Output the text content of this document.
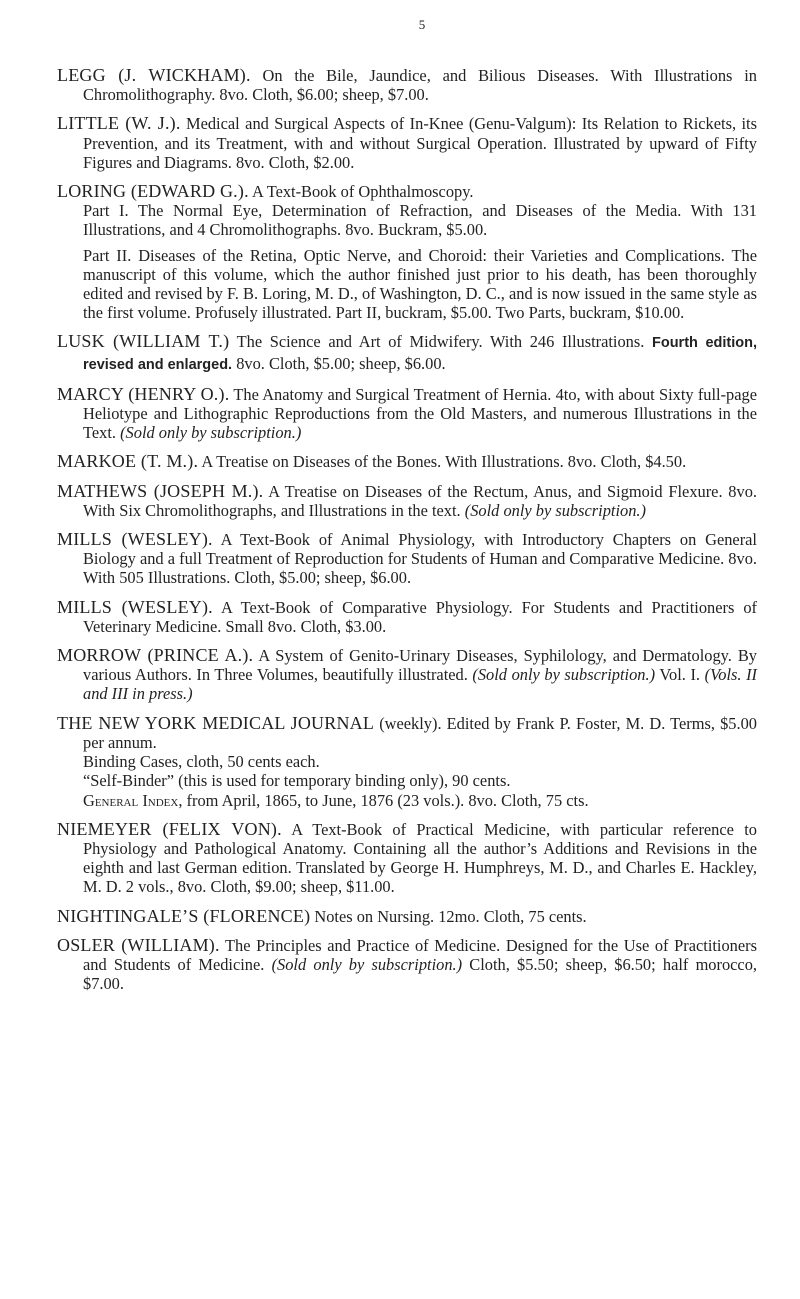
5

LEGG (J. WICKHAM). On the Bile, Jaundice, and Bilious Diseases. With Illustrations in Chromolithography. 8vo. Cloth, $6.00; sheep, $7.00.

LITTLE (W. J.). Medical and Surgical Aspects of In-Knee (Genu-Valgum): Its Relation to Rickets, its Prevention, and its Treatment, with and without Surgical Operation. Illustrated by upward of Fifty Figures and Diagrams. 8vo. Cloth, $2.00.

LORING (EDWARD G.). A Text-Book of Ophthalmoscopy.
Part I. The Normal Eye, Determination of Refraction, and Diseases of the Media. With 131 Illustrations, and 4 Chromolithographs. 8vo. Buckram, $5.00.
Part II. Diseases of the Retina, Optic Nerve, and Choroid: their Varieties and Complications. The manuscript of this volume, which the author finished just prior to his death, has been thoroughly edited and revised by F. B. Loring, M. D., of Washington, D. C., and is now issued in the same style as the first volume. Profusely illustrated. Part II, buckram, $5.00. Two Parts, buckram, $10.00.

LUSK (WILLIAM T.) The Science and Art of Midwifery. With 246 Illustrations. Fourth edition, revised and enlarged. 8vo. Cloth, $5.00; sheep, $6.00.

MARCY (HENRY O.). The Anatomy and Surgical Treatment of Hernia. 4to, with about Sixty full-page Heliotype and Lithographic Reproductions from the Old Masters, and numerous Illustrations in the Text. (Sold only by subscription.)

MARKOE (T. M.). A Treatise on Diseases of the Bones. With Illustrations. 8vo. Cloth, $4.50.

MATHEWS (JOSEPH M.). A Treatise on Diseases of the Rectum, Anus, and Sigmoid Flexure. 8vo. With Six Chromolithographs, and Illustrations in the text. (Sold only by subscription.)

MILLS (WESLEY). A Text-Book of Animal Physiology, with Introductory Chapters on General Biology and a full Treatment of Reproduction for Students of Human and Comparative Medicine. 8vo. With 505 Illustrations. Cloth, $5.00; sheep, $6.00.

MILLS (WESLEY). A Text-Book of Comparative Physiology. For Students and Practitioners of Veterinary Medicine. Small 8vo. Cloth, $3.00.

MORROW (PRINCE A.). A System of Genito-Urinary Diseases, Syphilology, and Dermatology. By various Authors. In Three Volumes, beautifully illustrated. (Sold only by subscription.) Vol. I. (Vols. II and III in press.)

THE NEW YORK MEDICAL JOURNAL (weekly). Edited by Frank P. Foster, M. D. Terms, $5.00 per annum.
Binding Cases, cloth, 50 cents each.
“Self-Binder” (this is used for temporary binding only), 90 cents.
General Index, from April, 1865, to June, 1876 (23 vols.). 8vo. Cloth, 75 cts.

NIEMEYER (FELIX VON). A Text-Book of Practical Medicine, with particular reference to Physiology and Pathological Anatomy. Containing all the author’s Additions and Revisions in the eighth and last German edition. Translated by George H. Humphreys, M. D., and Charles E. Hackley, M. D. 2 vols., 8vo. Cloth, $9.00; sheep, $11.00.

NIGHTINGALE’S (FLORENCE) Notes on Nursing. 12mo. Cloth, 75 cents.

OSLER (WILLIAM). The Principles and Practice of Medicine. Designed for the Use of Practitioners and Students of Medicine. (Sold only by subscription.) Cloth, $5.50; sheep, $6.50; half morocco, $7.00.
